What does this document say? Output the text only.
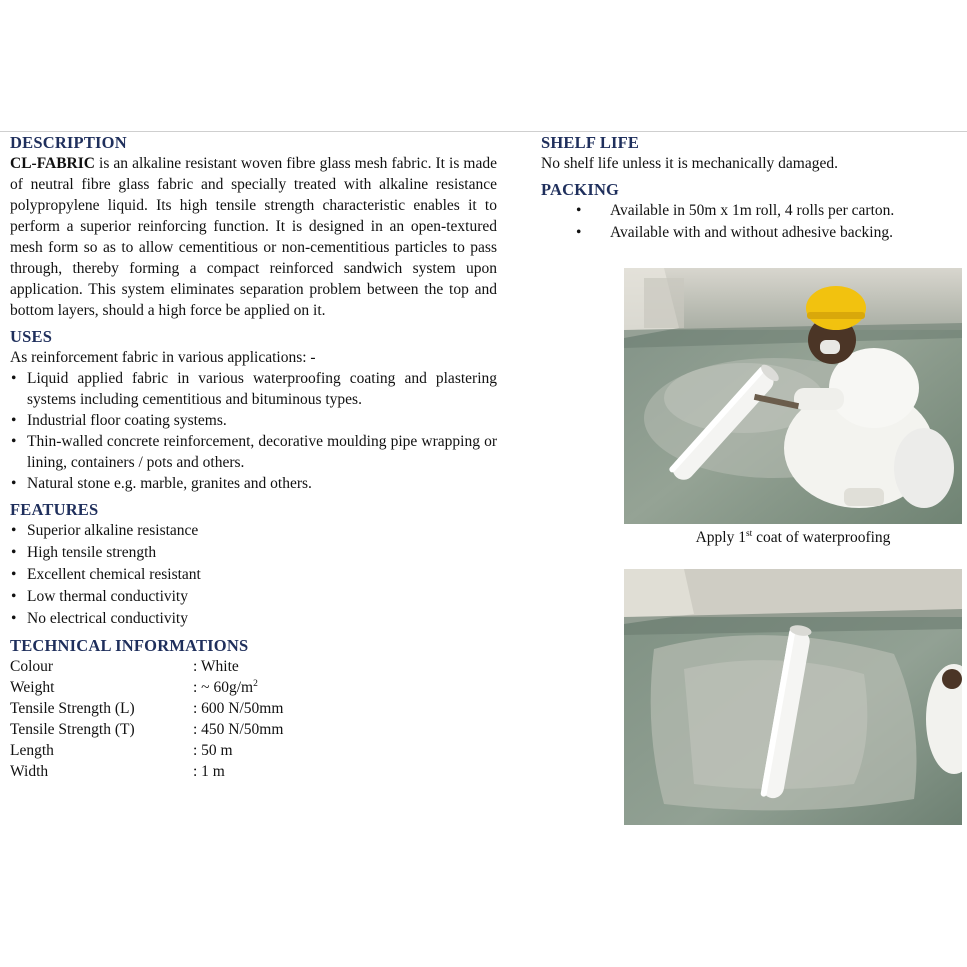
DESCRIPTION

CL-FABRIC is an alkaline resistant woven fibre glass mesh fabric. It is made of neutral fibre glass fabric and specially treated with alkaline resistance polypropylene liquid. Its high tensile strength characteristic enables it to perform a superior reinforcing function. It is designed in an open-textured mesh form so as to allow cementitious or non-cementitious particles to pass through, thereby forming a compact reinforced sandwich system upon application. This system eliminates separation problem between the top and bottom layers, should a high force be applied on it.

USES

As reinforcement fabric in various applications: -

• Liquid applied fabric in various waterproofing coating and plastering systems including cementitious and bituminous types.
• Industrial floor coating systems.
• Thin-walled concrete reinforcement, decorative moulding pipe wrapping or lining, containers / pots and others.
• Natural stone e.g. marble, granites and others.
FEATURES
• Superior alkaline resistance
• High tensile strength
• Excellent chemical resistant
• Low thermal conductivity
• No electrical conductivity
TECHNICAL INFORMATIONS
Colour	: White
Weight	: ~ $60g/m^2$
Tensile Strength (L)	: 600 N/50mm
Tensile Strength (T)	: 450 N/50mm
Length	: 50 m
Width	: 1 m
SHELF LIFE

No shelf life unless it is mechanically damaged.

PACKING
• Available in 50m x 1m roll, 4 rolls per carton.
• Available with and without adhesive backing.
Apply 1st coat of waterproofing
